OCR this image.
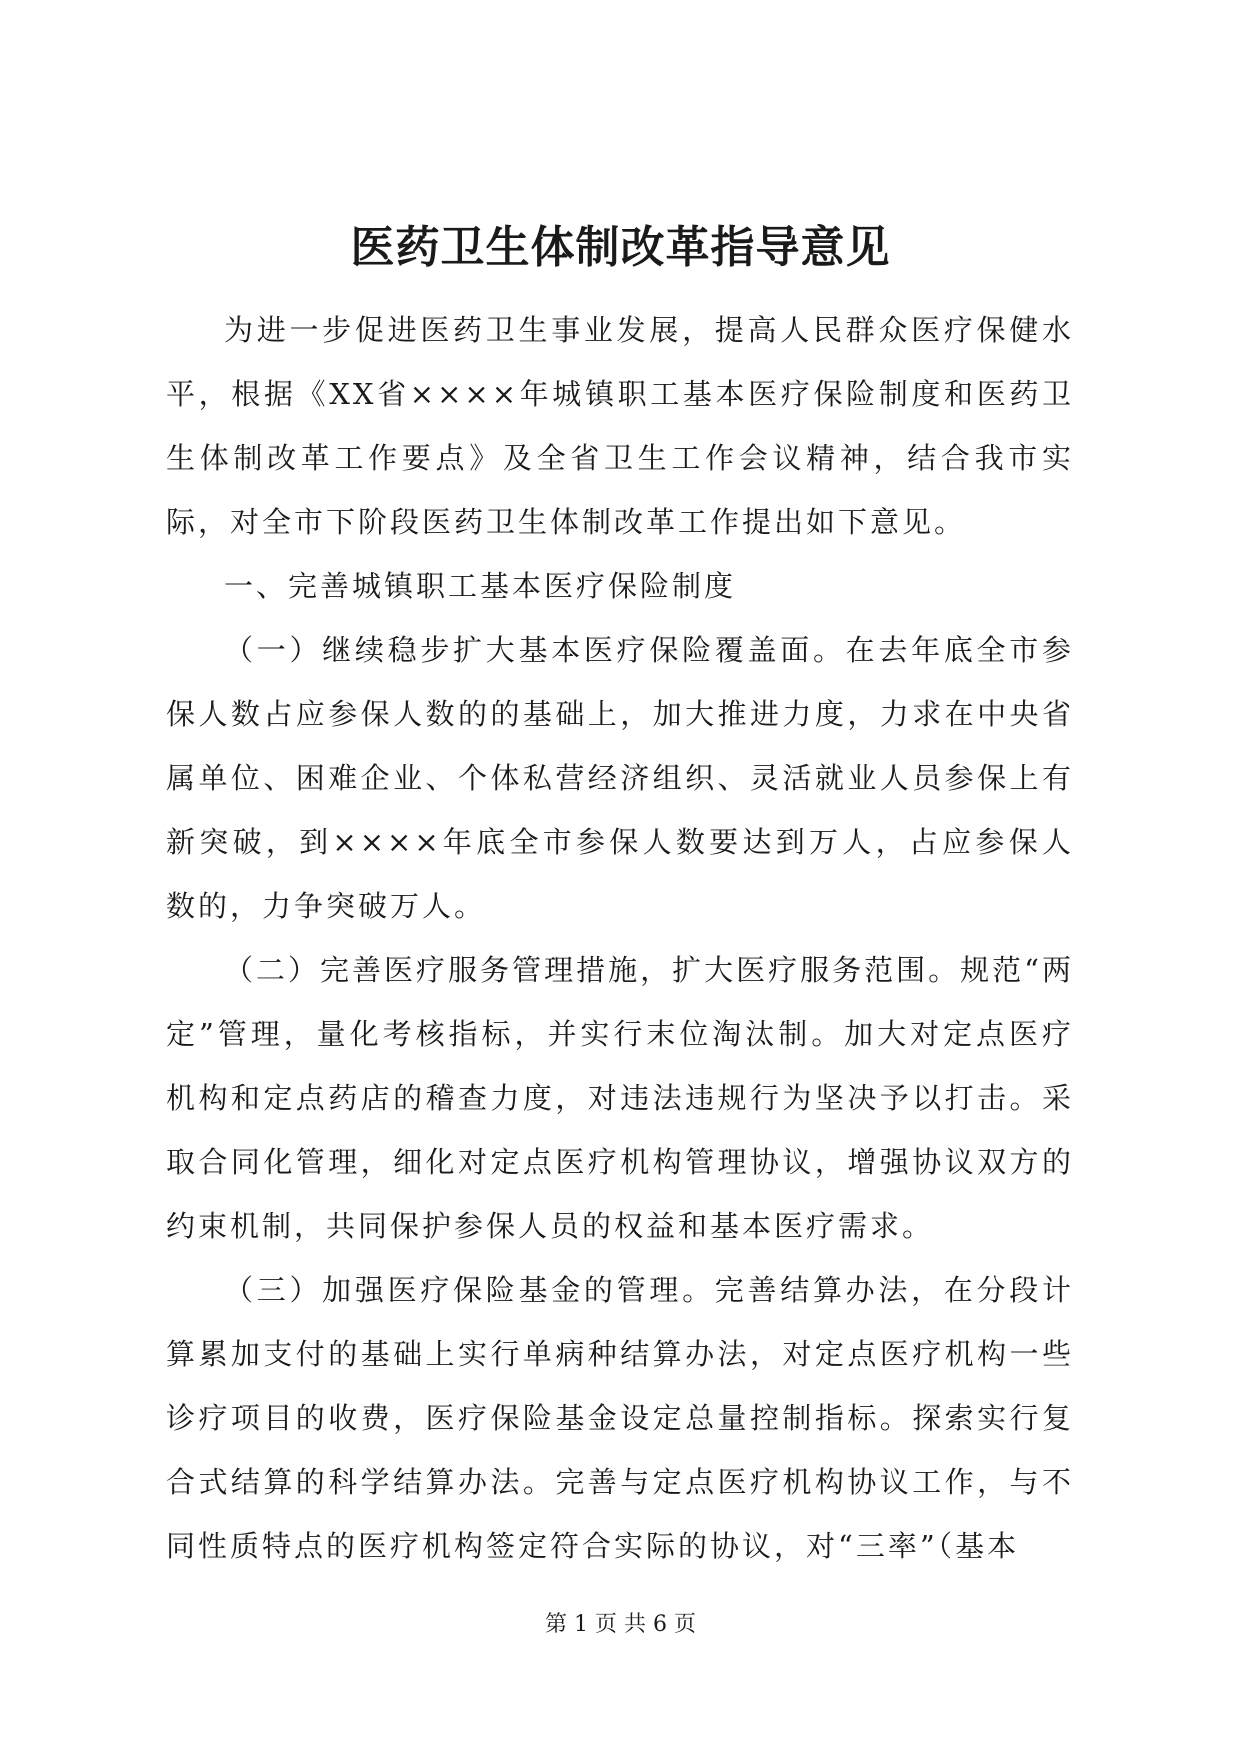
医药卫生体制改革指导意见

为进一步促进医药卫生事业发展，提高人民群众医疗保健水平，根据《XX省××××年城镇职工基本医疗保险制度和医药卫生体制改革工作要点》及全省卫生工作会议精神，结合我市实际，对全市下阶段医药卫生体制改革工作提出如下意见。

一、完善城镇职工基本医疗保险制度

（一）继续稳步扩大基本医疗保险覆盖面。在去年底全市参保人数占应参保人数的的基础上，加大推进力度，力求在中央省属单位、困难企业、个体私营经济组织、灵活就业人员参保上有新突破，到××××年底全市参保人数要达到万人，占应参保人数的，力争突破万人。

（二）完善医疗服务管理措施，扩大医疗服务范围。规范“两定”管理，量化考核指标，并实行末位淘汰制。加大对定点医疗机构和定点药店的稽查力度，对违法违规行为坚决予以打击。采取合同化管理，细化对定点医疗机构管理协议，增强协议双方的约束机制，共同保护参保人员的权益和基本医疗需求。

（三）加强医疗保险基金的管理。完善结算办法，在分段计算累加支付的基础上实行单病种结算办法，对定点医疗机构一些诊疗项目的收费，医疗保险基金设定总量控制指标。探索实行复合式结算的科学结算办法。完善与定点医疗机构协议工作，与不同性质特点的医疗机构签定符合实际的协议，对“三率”（基本

第 1 页 共 6 页
